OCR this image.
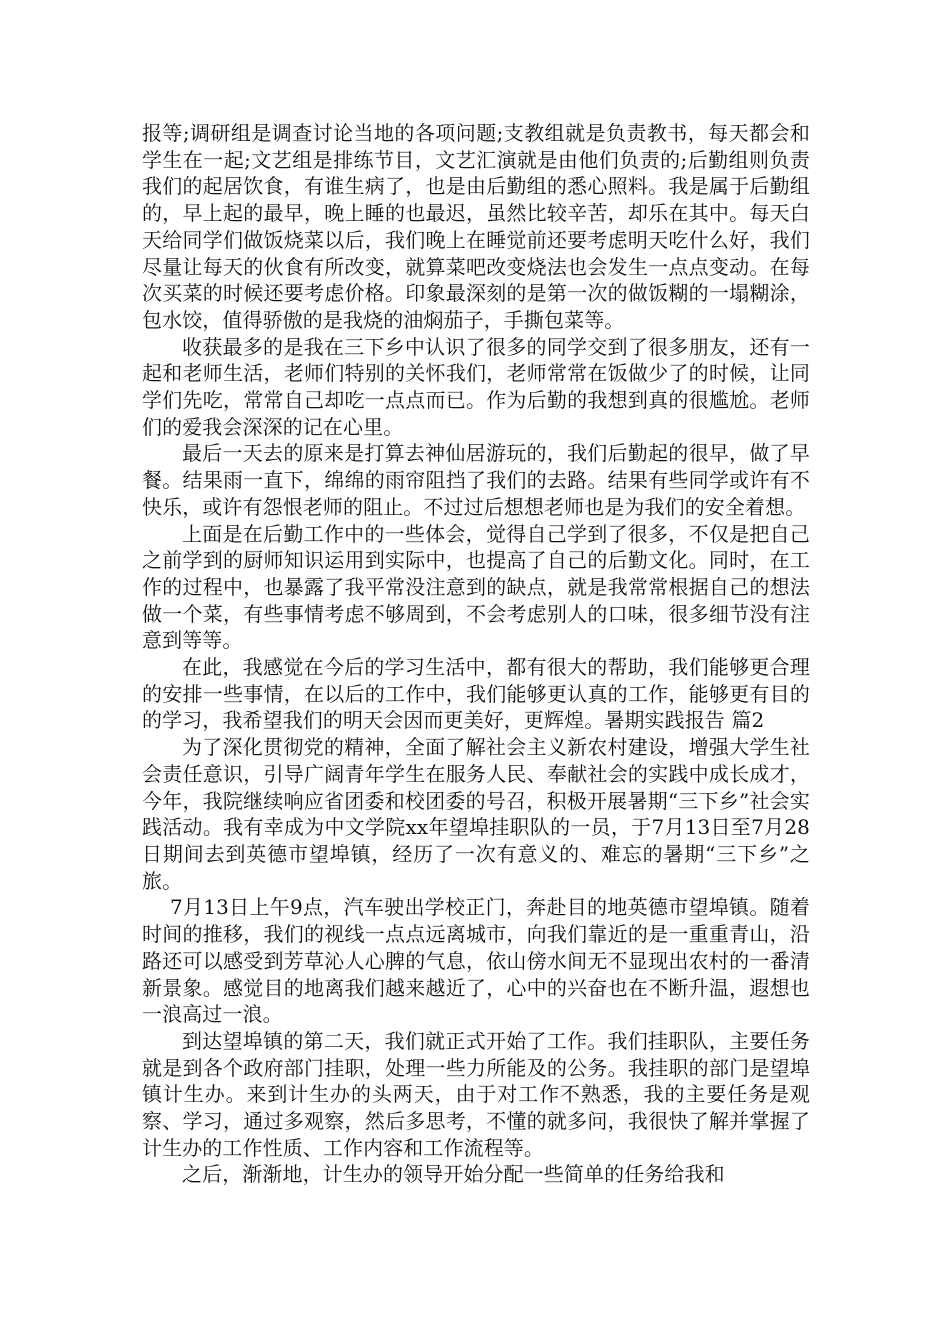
报等;调研组是调查讨论当地的各项问题;支教组就是负责教书，每天都会和学生在一起;文艺组是排练节目，文艺汇演就是由他们负责的;后勤组则负责我们的起居饮食，有谁生病了，也是由后勤组的悉心照料。我是属于后勤组的，早上起的最早，晚上睡的也最迟，虽然比较辛苦，却乐在其中。每天白天给同学们做饭烧菜以后，我们晚上在睡觉前还要考虑明天吃什么好，我们尽量让每天的伙食有所改变，就算菜吧改变烧法也会发生一点点变动。在每次买菜的时候还要考虑价格。印象最深刻的是第一次的做饭糊的一塌糊涂，包水饺，值得骄傲的是我烧的油焖茄子，手撕包菜等。

收获最多的是我在三下乡中认识了很多的同学交到了很多朋友，还有一起和老师生活，老师们特别的关怀我们，老师常常在饭做少了的时候，让同学们先吃，常常自己却吃一点点而已。作为后勤的我想到真的很尴尬。老师们的爱我会深深的记在心里。

最后一天去的原来是打算去神仙居游玩的，我们后勤起的很早，做了早餐。结果雨一直下，绵绵的雨帘阻挡了我们的去路。结果有些同学或许有不快乐，或许有怨恨老师的阻止。不过过后想想老师也是为我们的安全着想。

上面是在后勤工作中的一些体会，觉得自己学到了很多，不仅是把自己之前学到的厨师知识运用到实际中，也提高了自己的后勤文化。同时，在工作的过程中，也暴露了我平常没注意到的缺点，就是我常常根据自己的想法做一个菜，有些事情考虑不够周到，不会考虑别人的口味，很多细节没有注意到等等。

在此，我感觉在今后的学习生活中，都有很大的帮助，我们能够更合理的安排一些事情，在以后的工作中，我们能够更认真的工作，能够更有目的的学习，我希望我们的明天会因而更美好，更辉煌。暑期实践报告 篇2

为了深化贯彻党的精神，全面了解社会主义新农村建设，增强大学生社会责任意识，引导广阔青年学生在服务人民、奉献社会的实践中成长成才，今年，我院继续响应省团委和校团委的号召，积极开展暑期“三下乡”社会实践活动。我有幸成为中文学院xx年望埠挂职队的一员，于7月13日至7月28日期间去到英德市望埠镇，经历了一次有意义的、难忘的暑期“三下乡”之旅。

7月13日上午9点，汽车驶出学校正门，奔赴目的地英德市望埠镇。随着时间的推移，我们的视线一点点远离城市，向我们靠近的是一重重青山，沿路还可以感受到芳草沁人心脾的气息，依山傍水间无不显现出农村的一番清新景象。感觉目的地离我们越来越近了，心中的兴奋也在不断升温，遐想也一浪高过一浪。

到达望埠镇的第二天，我们就正式开始了工作。我们挂职队，主要任务就是到各个政府部门挂职，处理一些力所能及的公务。我挂职的部门是望埠镇计生办。来到计生办的头两天，由于对工作不熟悉，我的主要任务是观察、学习，通过多观察，然后多思考，不懂的就多问，我很快了解并掌握了计生办的工作性质、工作内容和工作流程等。

之后，渐渐地，计生办的领导开始分配一些简单的任务给我和
